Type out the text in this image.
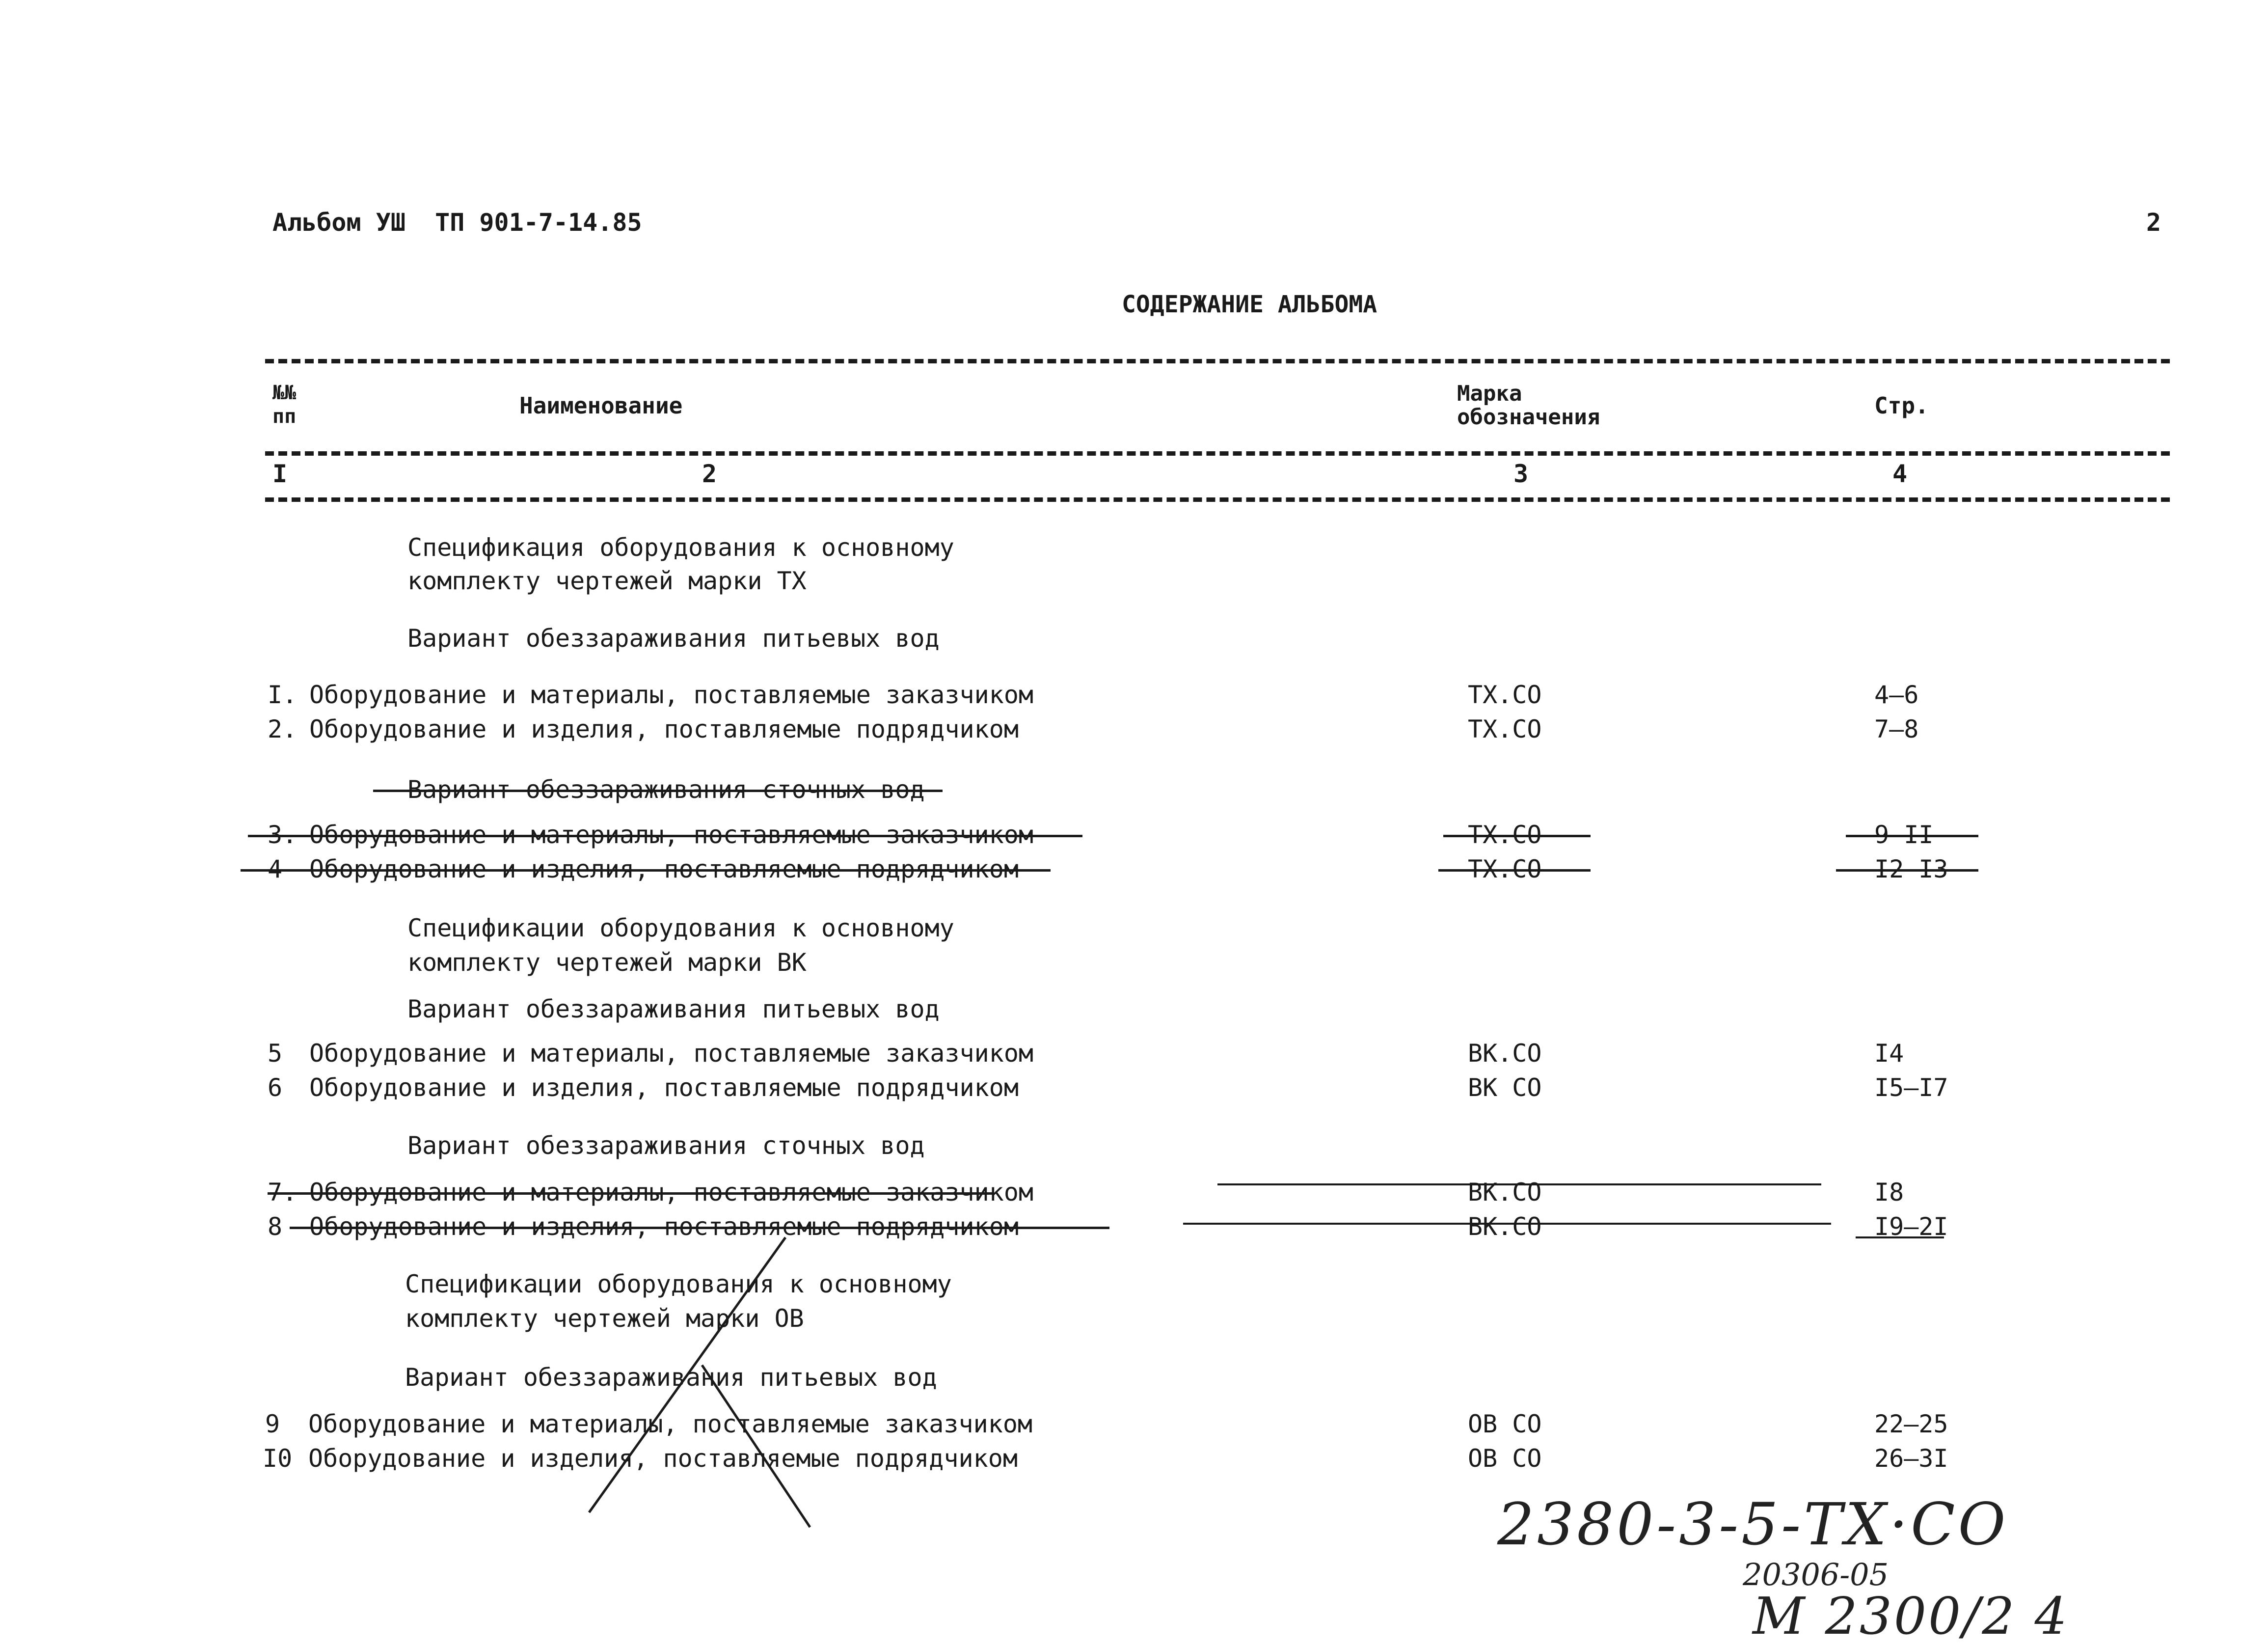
Альбом УШ  ТП 901-7-14.85	2
СОДЕРЖАНИЕ АЛЬБОМА
№№
пп	Наименование	Марка
обозначения	Стр.
I	2	3	4
Спецификация оборудования к основному
комплекту чертежей марки ТХ
Вариант обеззараживания питьевых вод
I. Оборудование и материалы, поставляемые заказчиком	ТХ.СО	4–6
2. Оборудование и изделия, поставляемые подрядчиком	ТХ.СО	7–8
Вариант обеззараживания сточных вод
3. Оборудование и материалы, поставляемые заказчиком	ТХ.СО	9–II
4 Оборудование и изделия, поставляемые подрядчиком	ТХ.СО	I2–I3
Спецификации оборудования к основному
комплекту чертежей марки ВК
Вариант обеззараживания питьевых вод
5 Оборудование и материалы, поставляемые заказчиком	ВК.СО	I4
6 Оборудование и изделия, поставляемые подрядчиком	ВК СО	I5–I7
Вариант обеззараживания сточных вод
7. Оборудование и материалы, поставляемые заказчиком	ВК.СО	I8
8 Оборудование и изделия, поставляемые подрядчиком	ВК.СО	I9–2I
Спецификации оборудования к основному
комплекту чертежей марки ОВ
Вариант обеззараживания питьевых вод
9 Оборудование и материалы, поставляемые заказчиком	ОВ СО	22–25
I0 Оборудование и изделия, поставляемые подрядчиком	ОВ СО	26–3I
2380-3-5-ТХ·СО
20306-05
М 2300/2 4
